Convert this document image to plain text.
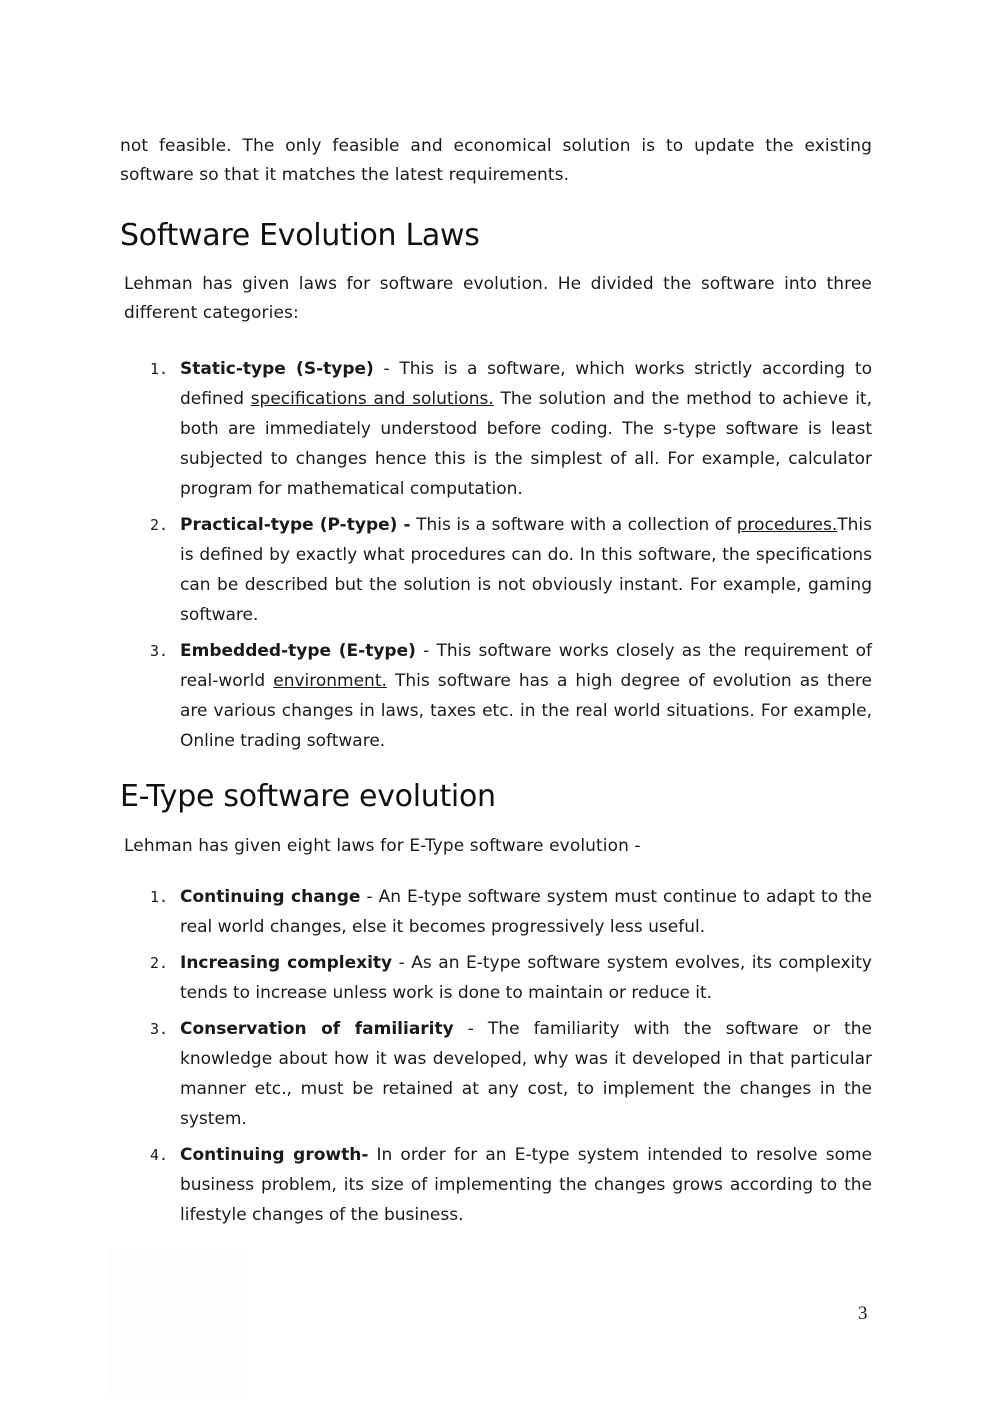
not feasible. The only feasible and economical solution is to update the existing software so that it matches the latest requirements.

Software Evolution Laws

Lehman has given laws for software evolution. He divided the software into three different categories:

1. Static-type (S-type) - This is a software, which works strictly according to defined specifications and solutions. The solution and the method to achieve it, both are immediately understood before coding. The s-type software is least subjected to changes hence this is the simplest of all. For example, calculator program for mathematical computation.
2. Practical-type (P-type) - This is a software with a collection of procedures.This is defined by exactly what procedures can do. In this software, the specifications can be described but the solution is not obviously instant. For example, gaming software.
3. Embedded-type (E-type) - This software works closely as the requirement of real-world environment. This software has a high degree of evolution as there are various changes in laws, taxes etc. in the real world situations. For example, Online trading software.
E-Type software evolution

Lehman has given eight laws for E-Type software evolution -

1. Continuing change - An E-type software system must continue to adapt to the real world changes, else it becomes progressively less useful.
2. Increasing complexity - As an E-type software system evolves, its complexity tends to increase unless work is done to maintain or reduce it.
3. Conservation of familiarity - The familiarity with the software or the knowledge about how it was developed, why was it developed in that particular manner etc., must be retained at any cost, to implement the changes in the system.
4. Continuing growth- In order for an E-type system intended to resolve some business problem, its size of implementing the changes grows according to the lifestyle changes of the business.
3
